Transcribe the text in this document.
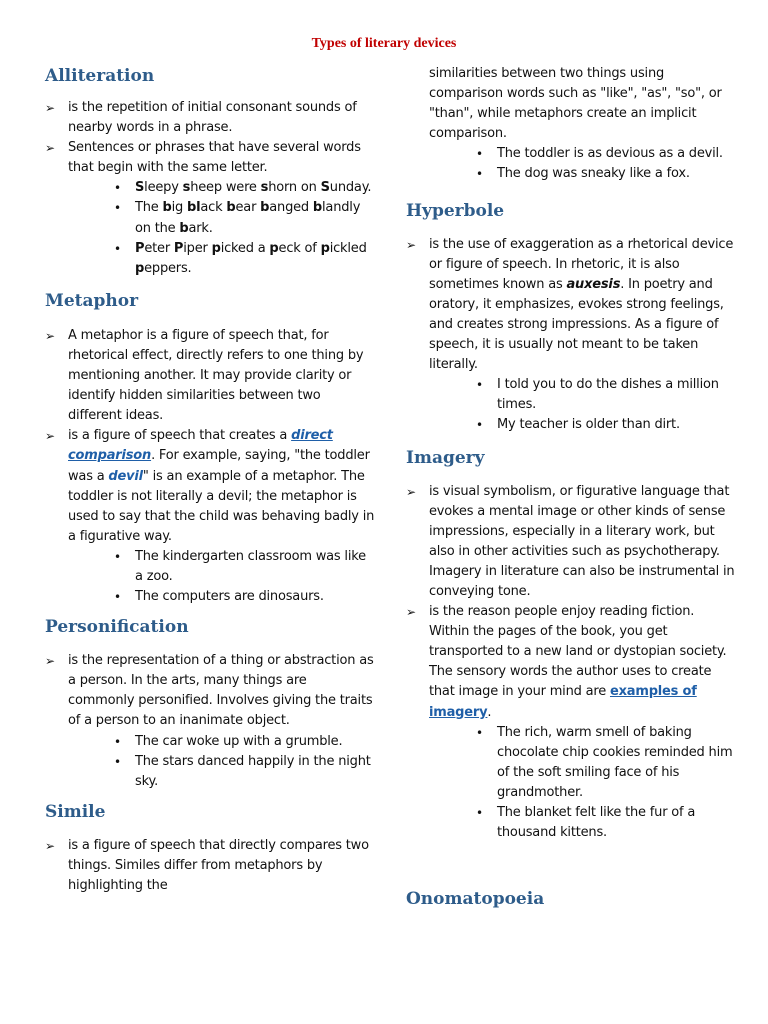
Types of literary devices
Alliteration
➢ is the repetition of initial consonant sounds of nearby words in a phrase.
➢ Sentences or phrases that have several words that begin with the same letter.
• Sleepy sheep were shorn on Sunday.
• The big black bear banged blandly on the bark.
• Peter Piper picked a peck of pickled peppers.
Metaphor
➢ A metaphor is a figure of speech that, for rhetorical effect, directly refers to one thing by mentioning another. It may provide clarity or identify hidden similarities between two different ideas.
➢ is a figure of speech that creates a direct comparison. For example, saying, "the toddler was a devil" is an example of a metaphor. The toddler is not literally a devil; the metaphor is used to say that the child was behaving badly in a figurative way.
• The kindergarten classroom was like a zoo.
• The computers are dinosaurs.
Personification
➢ is the representation of a thing or abstraction as a person. In the arts, many things are commonly personified. Involves giving the traits of a person to an inanimate object.
• The car woke up with a grumble.
• The stars danced happily in the night sky.
Simile
➢ is a figure of speech that directly compares two things. Similes differ from metaphors by highlighting the
similarities between two things using comparison words such as "like", "as", "so", or "than", while metaphors create an implicit comparison.
• The toddler is as devious as a devil.
• The dog was sneaky like a fox.
Hyperbole
➢ is the use of exaggeration as a rhetorical device or figure of speech. In rhetoric, it is also sometimes known as auxesis. In poetry and oratory, it emphasizes, evokes strong feelings, and creates strong impressions. As a figure of speech, it is usually not meant to be taken literally.
• I told you to do the dishes a million times.
• My teacher is older than dirt.
Imagery
➢ is visual symbolism, or figurative language that evokes a mental image or other kinds of sense impressions, especially in a literary work, but also in other activities such as psychotherapy. Imagery in literature can also be instrumental in conveying tone.
➢ is the reason people enjoy reading fiction. Within the pages of the book, you get transported to a new land or dystopian society. The sensory words the author uses to create that image in your mind are examples of imagery.
• The rich, warm smell of baking chocolate chip cookies reminded him of the soft smiling face of his grandmother.
• The blanket felt like the fur of a thousand kittens.
Onomatopoeia
